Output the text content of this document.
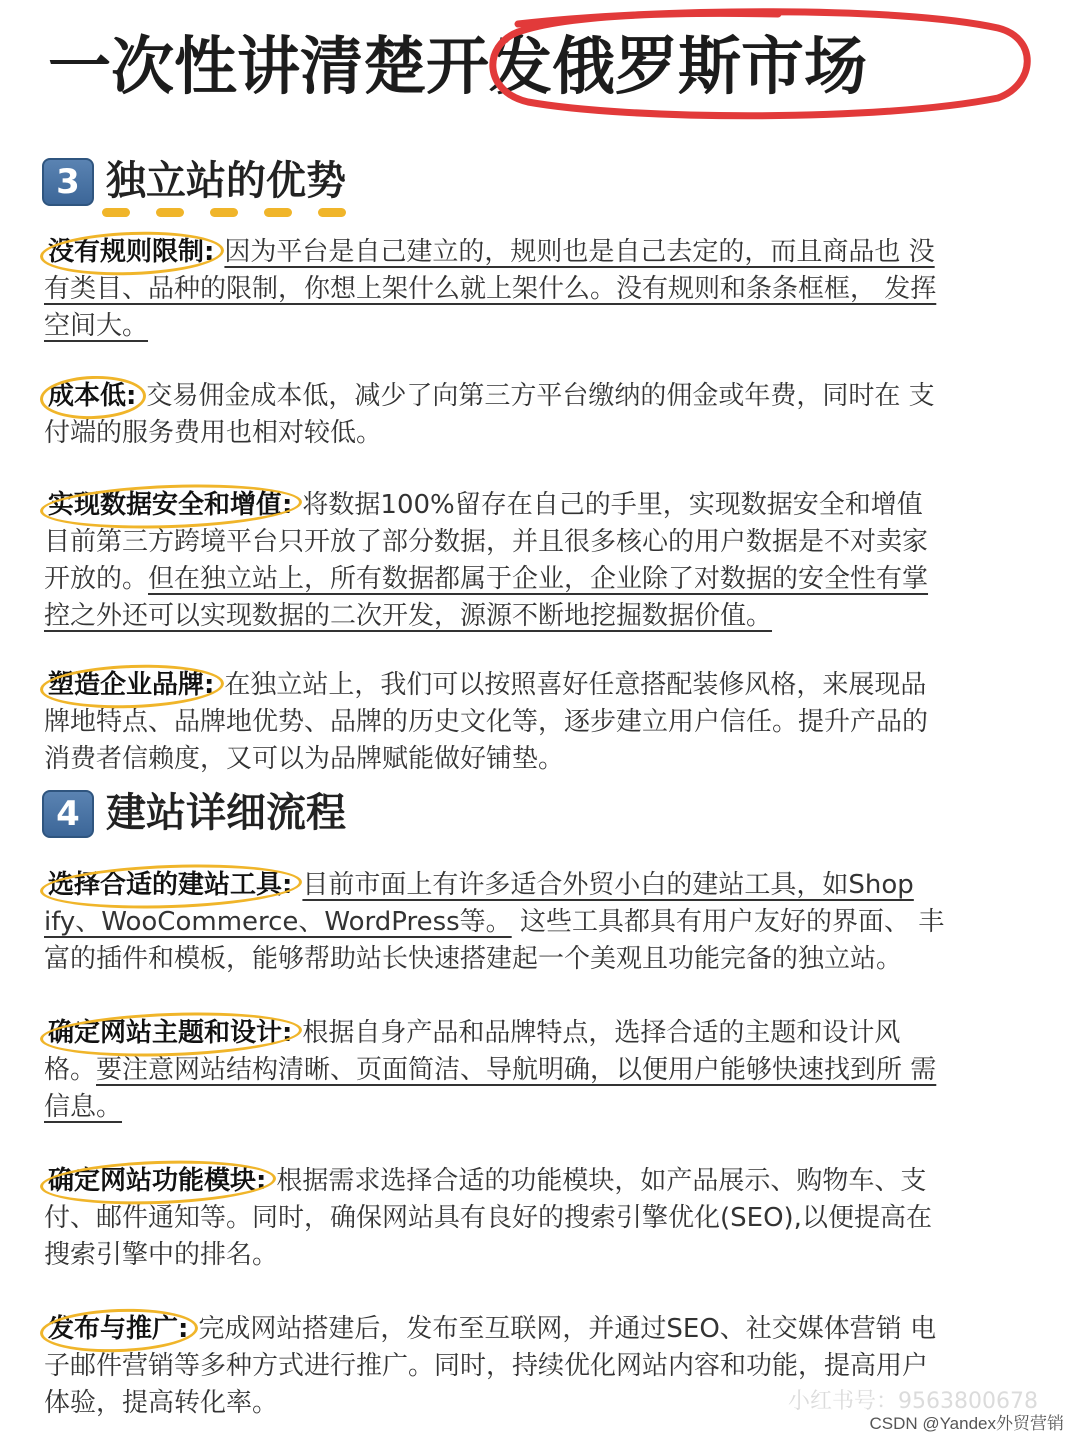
一次性讲清楚开发俄罗斯市场
3 独立站的优势
没有规则限制: 因为平台是自己建立的，规则也是自己去定的，而且商品也 没
有类目、品种的限制，你想上架什么就上架什么。没有规则和条条框框， 发挥
空间大。
成本低: 交易佣金成本低，减少了向第三方平台缴纳的佣金或年费，同时在 支
付端的服务费用也相对较低。
实现数据安全和增值: 将数据100%留存在自己的手里，实现数据安全和增值
目前第三方跨境平台只开放了部分数据，并且很多核心的用户数据是不对卖家
开放的。但在独立站上，所有数据都属于企业，企业除了对数据的安全性有掌
控之外还可以实现数据的二次开发，源源不断地挖掘数据价值。
塑造企业品牌: 在独立站上，我们可以按照喜好任意搭配装修风格，来展现品
牌地特点、品牌地优势、品牌的历史文化等，逐步建立用户信任。提升产品的
消费者信赖度，又可以为品牌赋能做好铺垫。
4 建站详细流程
选择合适的建站工具: 目前市面上有许多适合外贸小白的建站工具，如Shop
ify、WooCommerce、WordPress等。 这些工具都具有用户友好的界面、 丰
富的插件和模板，能够帮助站长快速搭建起一个美观且功能完备的独立站。
确定网站主题和设计: 根据自身产品和品牌特点，选择合适的主题和设计风
格。要注意网站结构清晰、页面简洁、导航明确，以便用户能够快速找到所 需
信息。
确定网站功能模块: 根据需求选择合适的功能模块，如产品展示、购物车、支
付、邮件通知等。同时，确保网站具有良好的搜索引擎优化(SEO),以便提高在
搜索引擎中的排名。
发布与推广: 完成网站搭建后，发布至互联网，并通过SEO、社交媒体营销 电
子邮件营销等多种方式进行推广。同时，持续优化网站内容和功能，提高用户
体验，提高转化率。	小红书号：9563800678
CSDN @Yandex外贸营销
